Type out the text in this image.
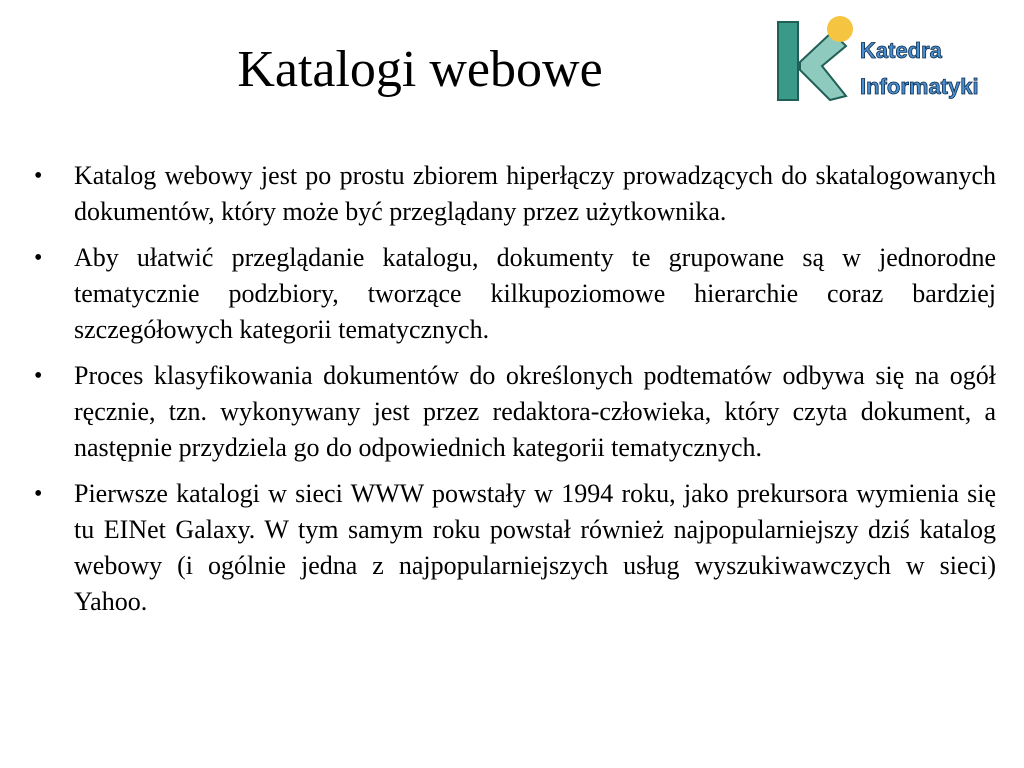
Katalogi webowe	Katedra
Informatyki
•	Katalog webowy jest po prostu zbiorem hiperłączy prowadzących do skatalogowanych dokumentów, który może być przeglądany przez użytkownika.
•	Aby ułatwić przeglądanie katalogu, dokumenty te grupowane są w jednorodne tematycznie podzbiory, tworzące kilkupoziomowe hierarchie coraz bardziej szczegółowych kategorii tematycznych.
•	Proces klasyfikowania dokumentów do określonych podtematów odbywa się na ogół ręcznie, tzn. wykonywany jest przez redaktora-człowieka, który czyta dokument, a następnie przydziela go do odpowiednich kategorii tematycznych.
•	Pierwsze katalogi w sieci WWW powstały w 1994 roku, jako prekursora wymienia się tu EINet Galaxy. W tym samym roku powstał również najpopularniejszy dziś katalog webowy (i ogólnie jedna z najpopularniejszych usług wyszukiwawczych w sieci) Yahoo.
